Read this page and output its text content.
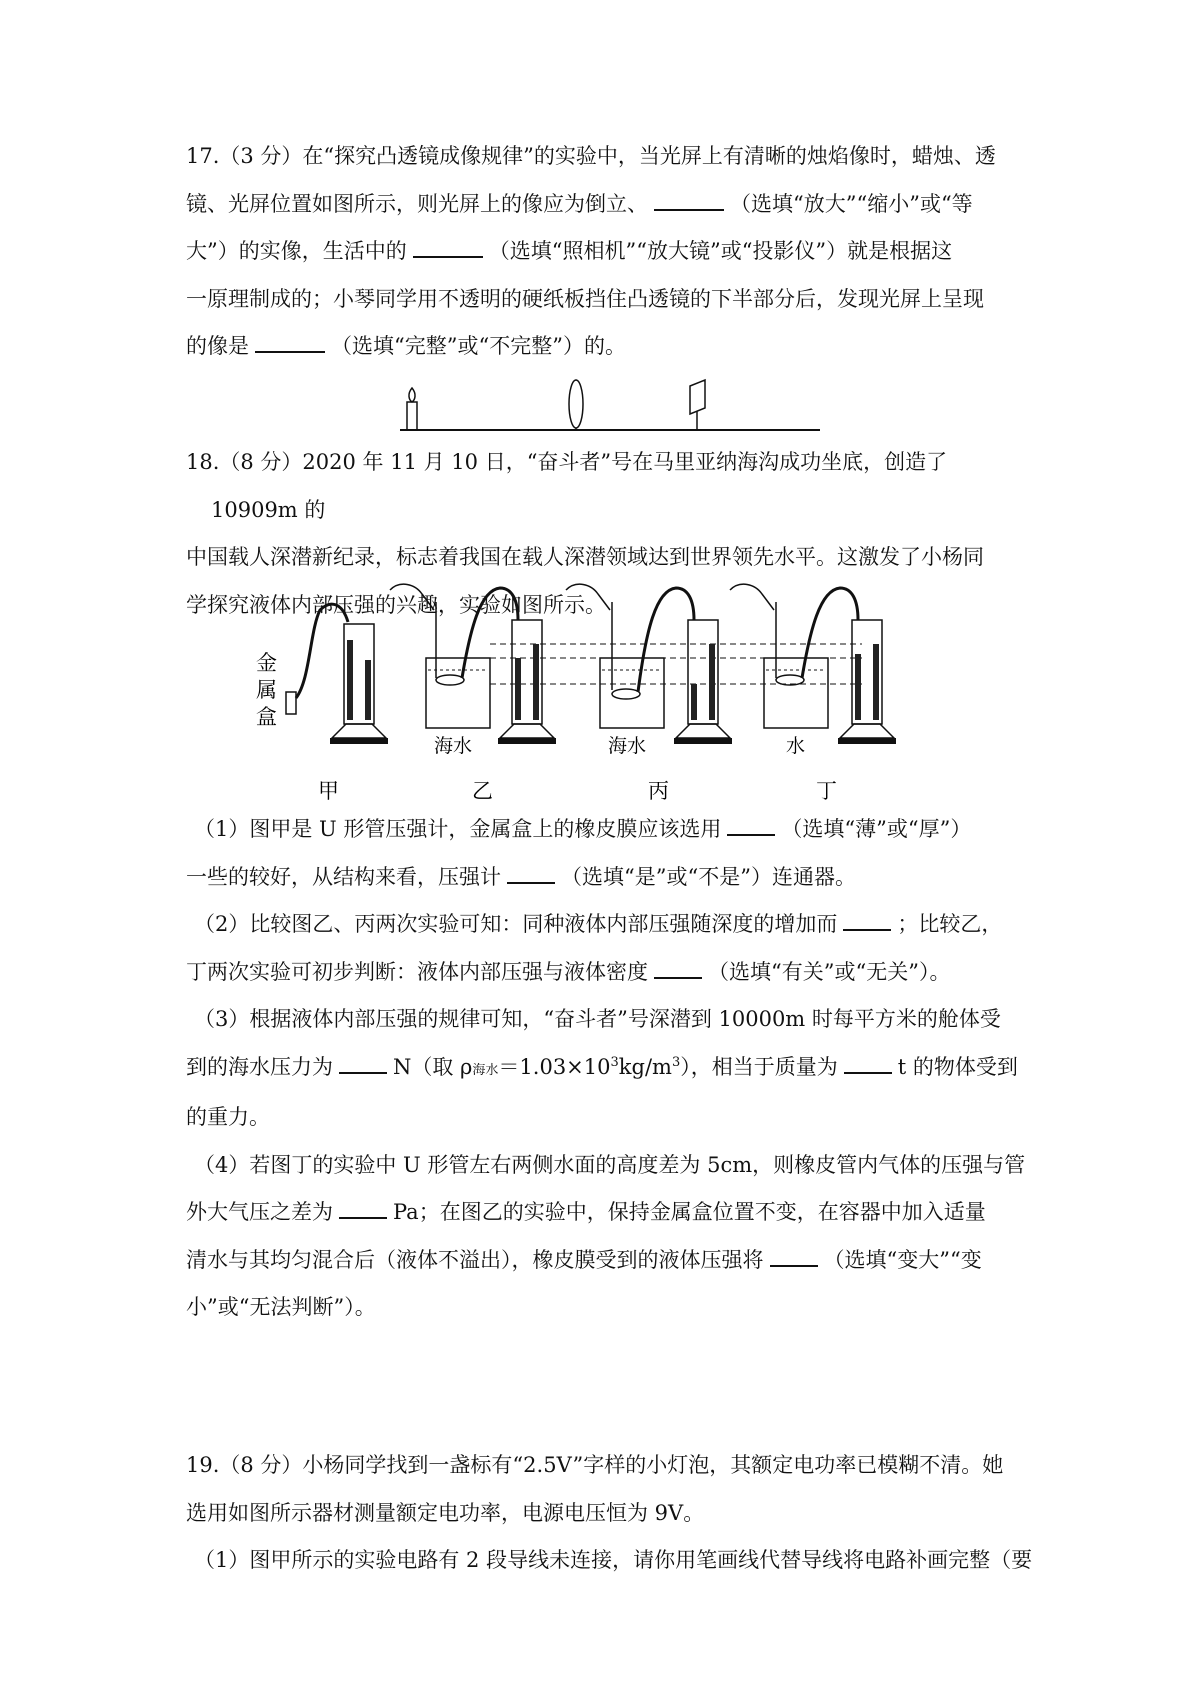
17.（3 分）在“探究凸透镜成像规律”的实验中，当光屏上有清晰的烛焰像时，蜡烛、透

镜、光屏位置如图所示，则光屏上的像应为倒立、	（选填“放大”“缩小”或“等

大”）的实像，生活中的	（选填“照相机”“放大镜”或“投影仪”）就是根据这

一原理制成的；小琴同学用不透明的硬纸板挡住凸透镜的下半部分后，发现光屏上呈现

的像是	（选填“完整”或“不完整”）的。

18.（8 分）2020 年 11 月 10 日，“奋斗者”号在马里亚纳海沟成功坐底，创造了 10909m 的

中国载人深潜新纪录，标志着我国在载人深潜领域达到世界领先水平。这激发了小杨同

学探究液体内部压强的兴趣，实验如图所示。

金
属
盒
海水	海水	水
甲	乙	丙	丁

（1）图甲是 U 形管压强计，金属盒上的橡皮膜应该选用	（选填“薄”或“厚”）

一些的较好，从结构来看，压强计	（选填“是”或“不是”）连通器。

（2）比较图乙、丙两次实验可知：同种液体内部压强随深度的增加而	；比较乙，

丁两次实验可初步判断：液体内部压强与液体密度	（选填“有关”或“无关”）。

（3）根据液体内部压强的规律可知，“奋斗者”号深潜到 10000m 时每平方米的舱体受

到的海水压力为	N（取 ρ海水$=1.03\times 10^3kg/m^3$），相当于质量为	t 的物体受到

的重力。

（4）若图丁的实验中 U 形管左右两侧水面的高度差为 5cm，则橡皮管内气体的压强与管

外大气压之差为	Pa；在图乙的实验中，保持金属盒位置不变，在容器中加入适量

清水与其均匀混合后（液体不溢出），橡皮膜受到的液体压强将	（选填“变大”“变

小”或“无法判断”）。

19.（8 分）小杨同学找到一盏标有“2.5V”字样的小灯泡，其额定电功率已模糊不清。她

选用如图所示器材测量额定电功率，电源电压恒为 9V。

（1）图甲所示的实验电路有 2 段导线未连接，请你用笔画线代替导线将电路补画完整（要
